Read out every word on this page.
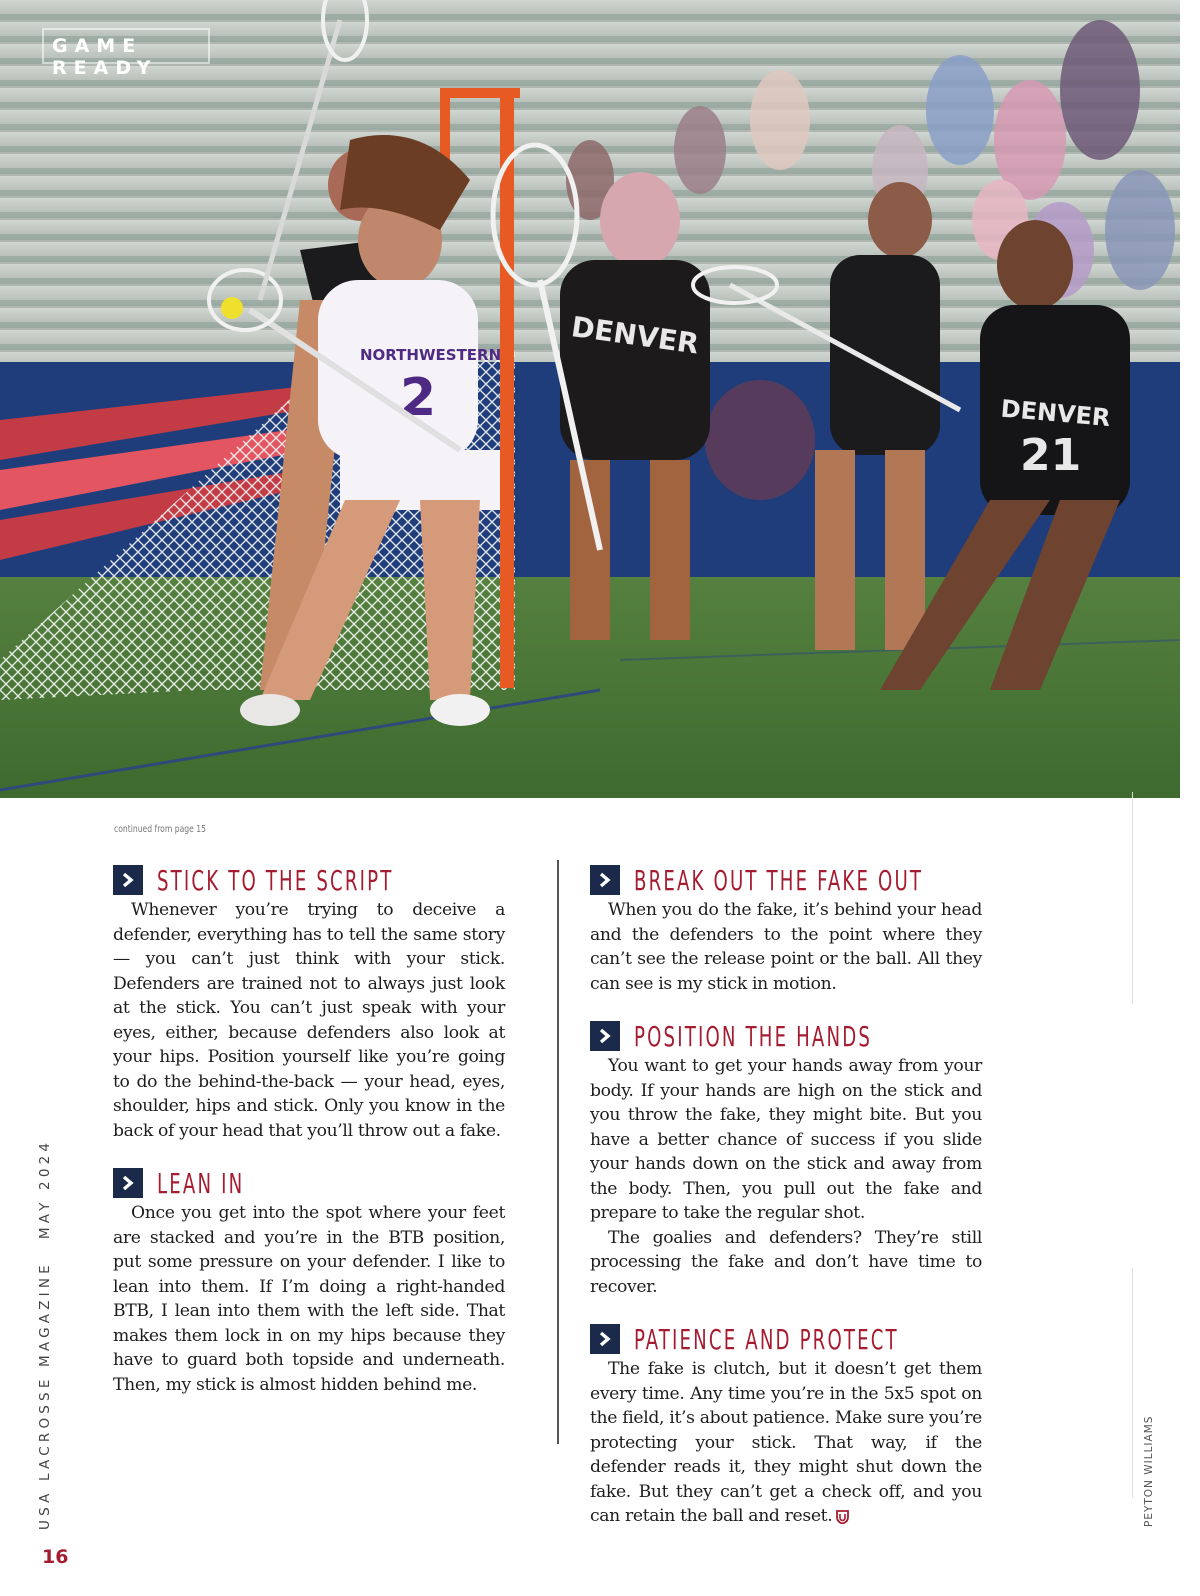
DENVER
DENVER
21
NORTHWESTERN
2
GAME READY
continued from page 15
STICK TO THE SCRIPT

Whenever you’re trying to deceive a defender, everything has to tell the same story — you can’t just think with your stick. Defenders are trained not to always just look at the stick. You can’t just speak with your eyes, either, because defenders also look at your hips. Position yourself like you’re going to do the behind-the-back — your head, eyes, shoulder, hips and stick. Only you know in the back of your head that you’ll throw out a fake.

LEAN IN

Once you get into the spot where your feet are stacked and you’re in the BTB position, put some pressure on your defender. I like to lean into them. If I’m doing a right-handed BTB, I lean into them with the left side. That makes them lock in on my hips because they have to guard both topside and underneath. Then, my stick is almost hidden behind me.

BREAK OUT THE FAKE OUT

When you do the fake, it’s behind your head and the defenders to the point where they can’t see the release point or the ball. All they can see is my stick in motion.

POSITION THE HANDS

You want to get your hands away from your body. If your hands are high on the stick and you throw the fake, they might bite. But you have a better chance of success if you slide your hands down on the stick and away from the body. Then, you pull out the fake and prepare to take the regular shot.

The goalies and defenders? They’re still processing the fake and don’t have time to recover.

PATIENCE AND PROTECT

The fake is clutch, but it doesn’t get them every time. Any time you’re in the 5x5 spot on the field, it’s about patience. Make sure you’re protecting your stick. That way, if the defender reads it, they might shut down the fake. But they can’t get a check off, and you can retain the ball and reset.

USA LACROSSE MAGAZINEMAY 2024
16
PEYTON WILLIAMS
